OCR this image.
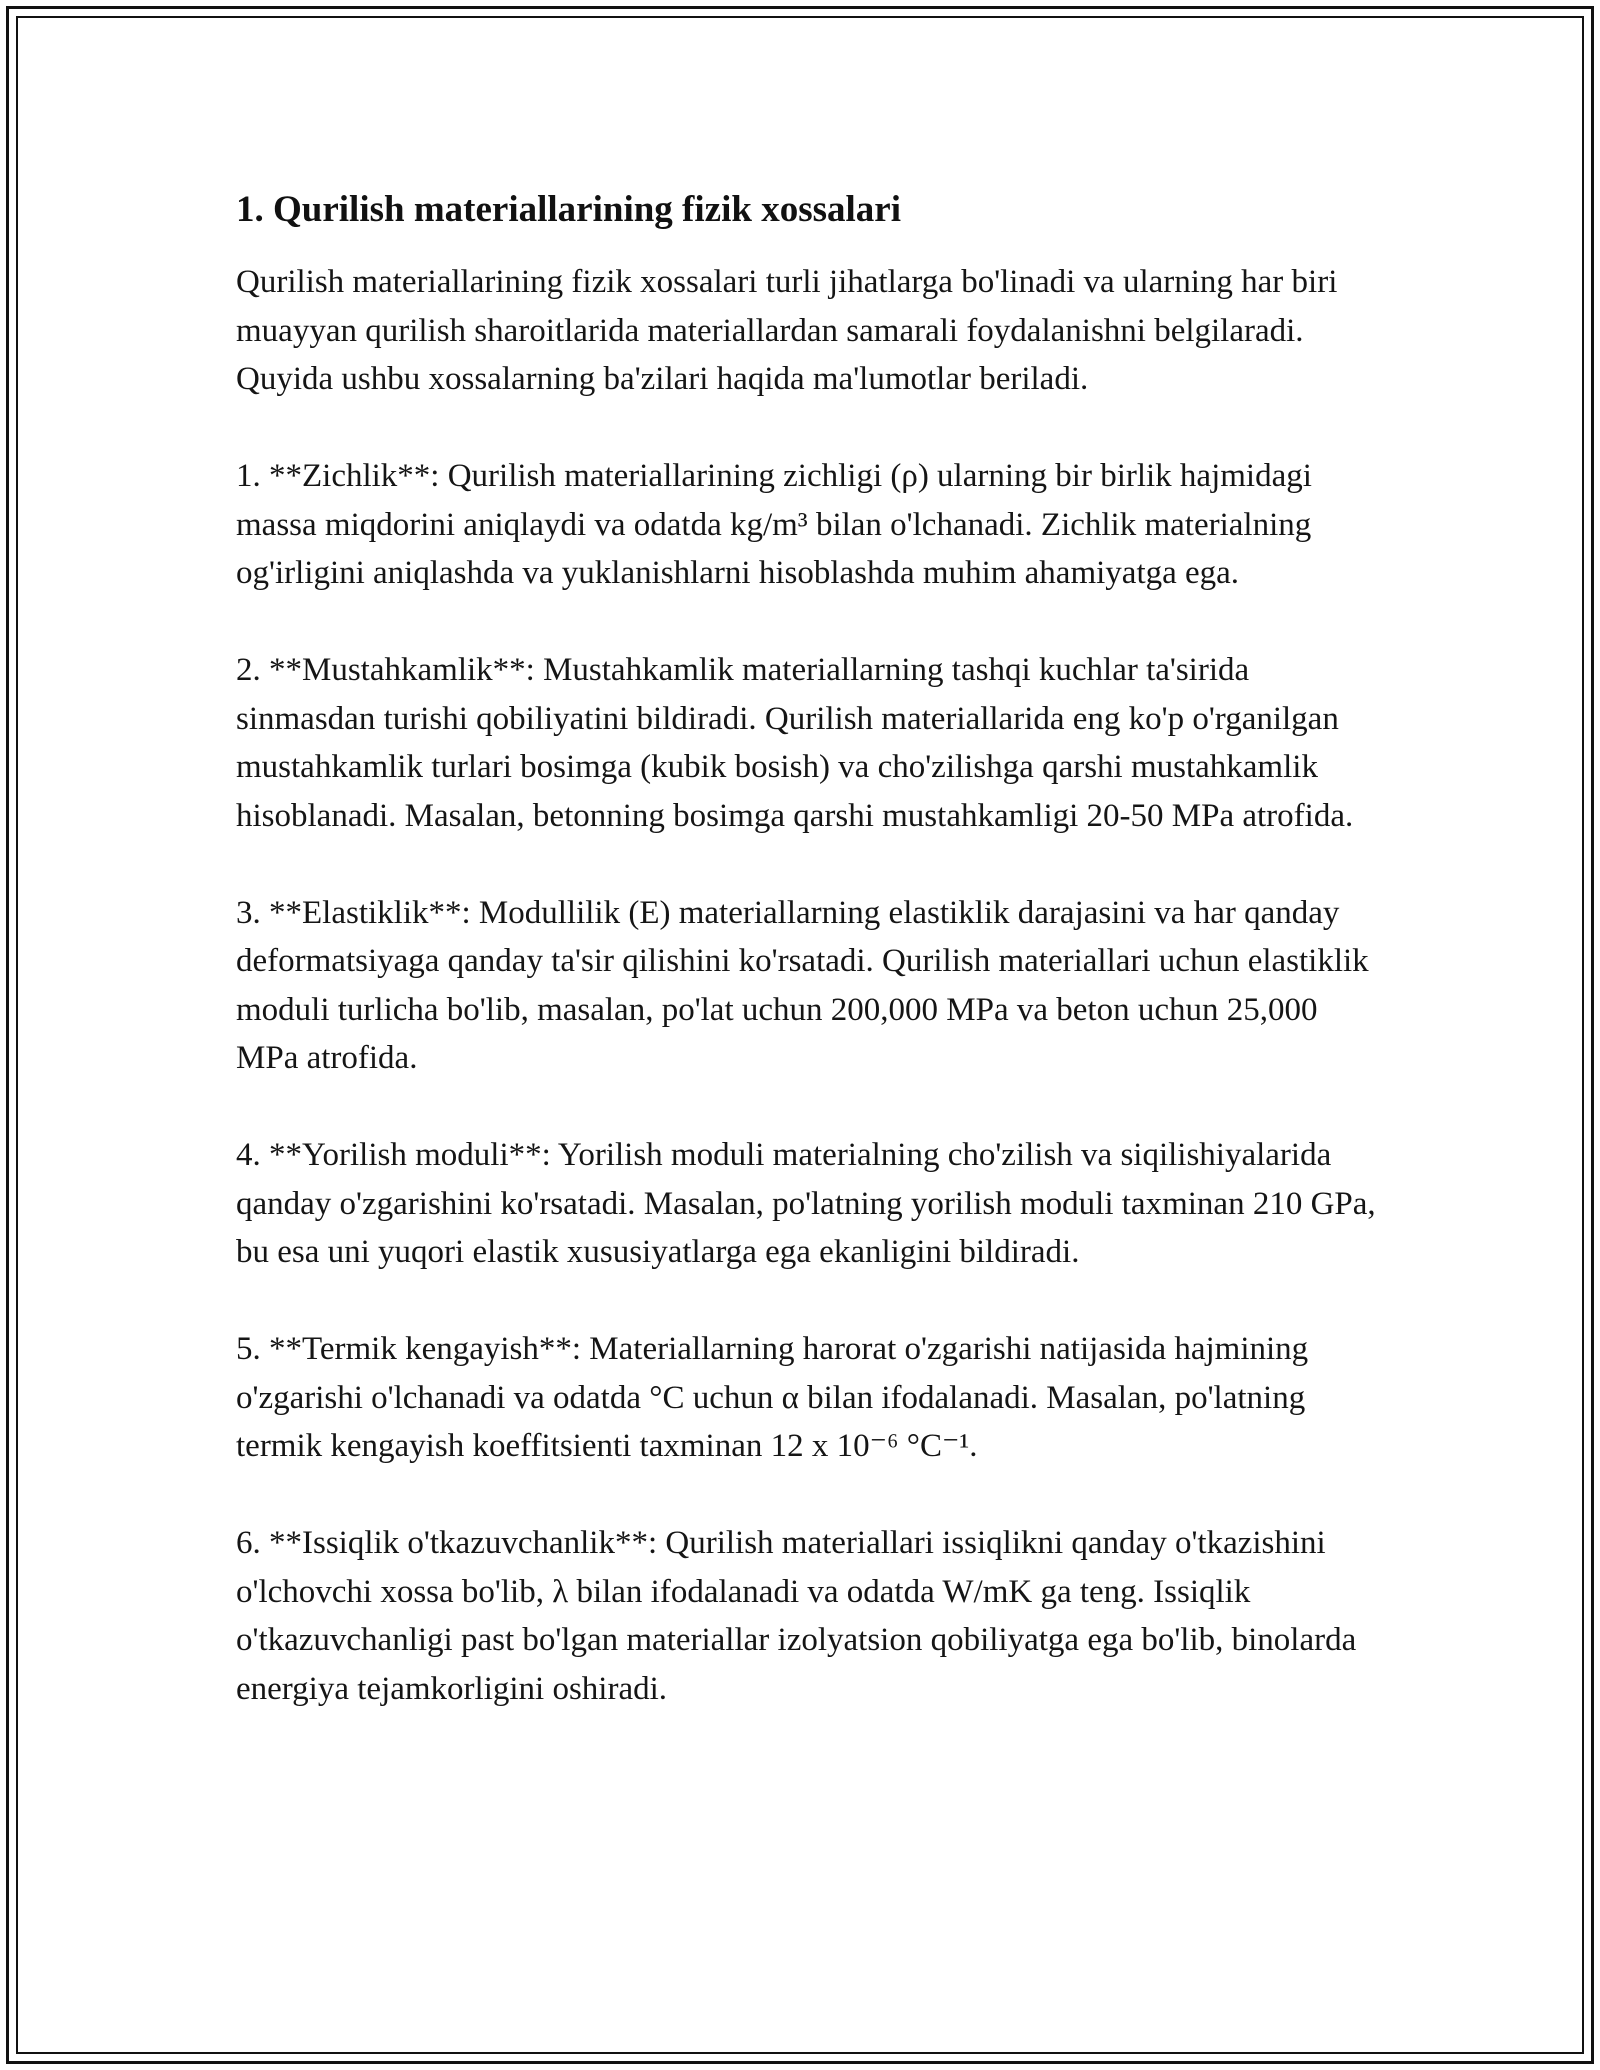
1. Qurilish materiallarining fizik xossalari

Qurilish materiallarining fizik xossalari turli jihatlarga bo'linadi va ularning har biri muayyan qurilish sharoitlarida materiallardan samarali foydalanishni belgilaradi. Quyida ushbu xossalarning ba'zilari haqida ma'lumotlar beriladi.

1. **Zichlik**: Qurilish materiallarining zichligi (ρ) ularning bir birlik hajmidagi massa miqdorini aniqlaydi va odatda kg/m³ bilan o'lchanadi. Zichlik materialning og'irligini aniqlashda va yuklanishlarni hisoblashda muhim ahamiyatga ega.

2. **Mustahkamlik**: Mustahkamlik materiallarning tashqi kuchlar ta'sirida sinmasdan turishi qobiliyatini bildiradi. Qurilish materiallarida eng ko'p o'rganilgan mustahkamlik turlari bosimga (kubik bosish) va cho'zilishga qarshi mustahkamlik hisoblanadi. Masalan, betonning bosimga qarshi mustahkamligi 20-50 MPa atrofida.

3. **Elastiklik**: Modullilik (E) materiallarning elastiklik darajasini va har qanday deformatsiyaga qanday ta'sir qilishini ko'rsatadi. Qurilish materiallari uchun elastiklik moduli turlicha bo'lib, masalan, po'lat uchun 200,000 MPa va beton uchun 25,000 MPa atrofida.

4. **Yorilish moduli**: Yorilish moduli materialning cho'zilish va siqilishiyalarida qanday o'zgarishini ko'rsatadi. Masalan, po'latning yorilish moduli taxminan 210 GPa, bu esa uni yuqori elastik xususiyatlarga ega ekanligini bildiradi.

5. **Termik kengayish**: Materiallarning harorat o'zgarishi natijasida hajmining o'zgarishi o'lchanadi va odatda °C uchun α bilan ifodalanadi. Masalan, po'latning termik kengayish koeffitsienti taxminan 12 x 10⁻⁶ °C⁻¹.

6. **Issiqlik o'tkazuvchanlik**: Qurilish materiallari issiqlikni qanday o'tkazishini o'lchovchi xossa bo'lib, λ bilan ifodalanadi va odatda W/mK ga teng. Issiqlik o'tkazuvchanligi past bo'lgan materiallar izolyatsion qobiliyatga ega bo'lib, binolarda energiya tejamkorligini oshiradi.
